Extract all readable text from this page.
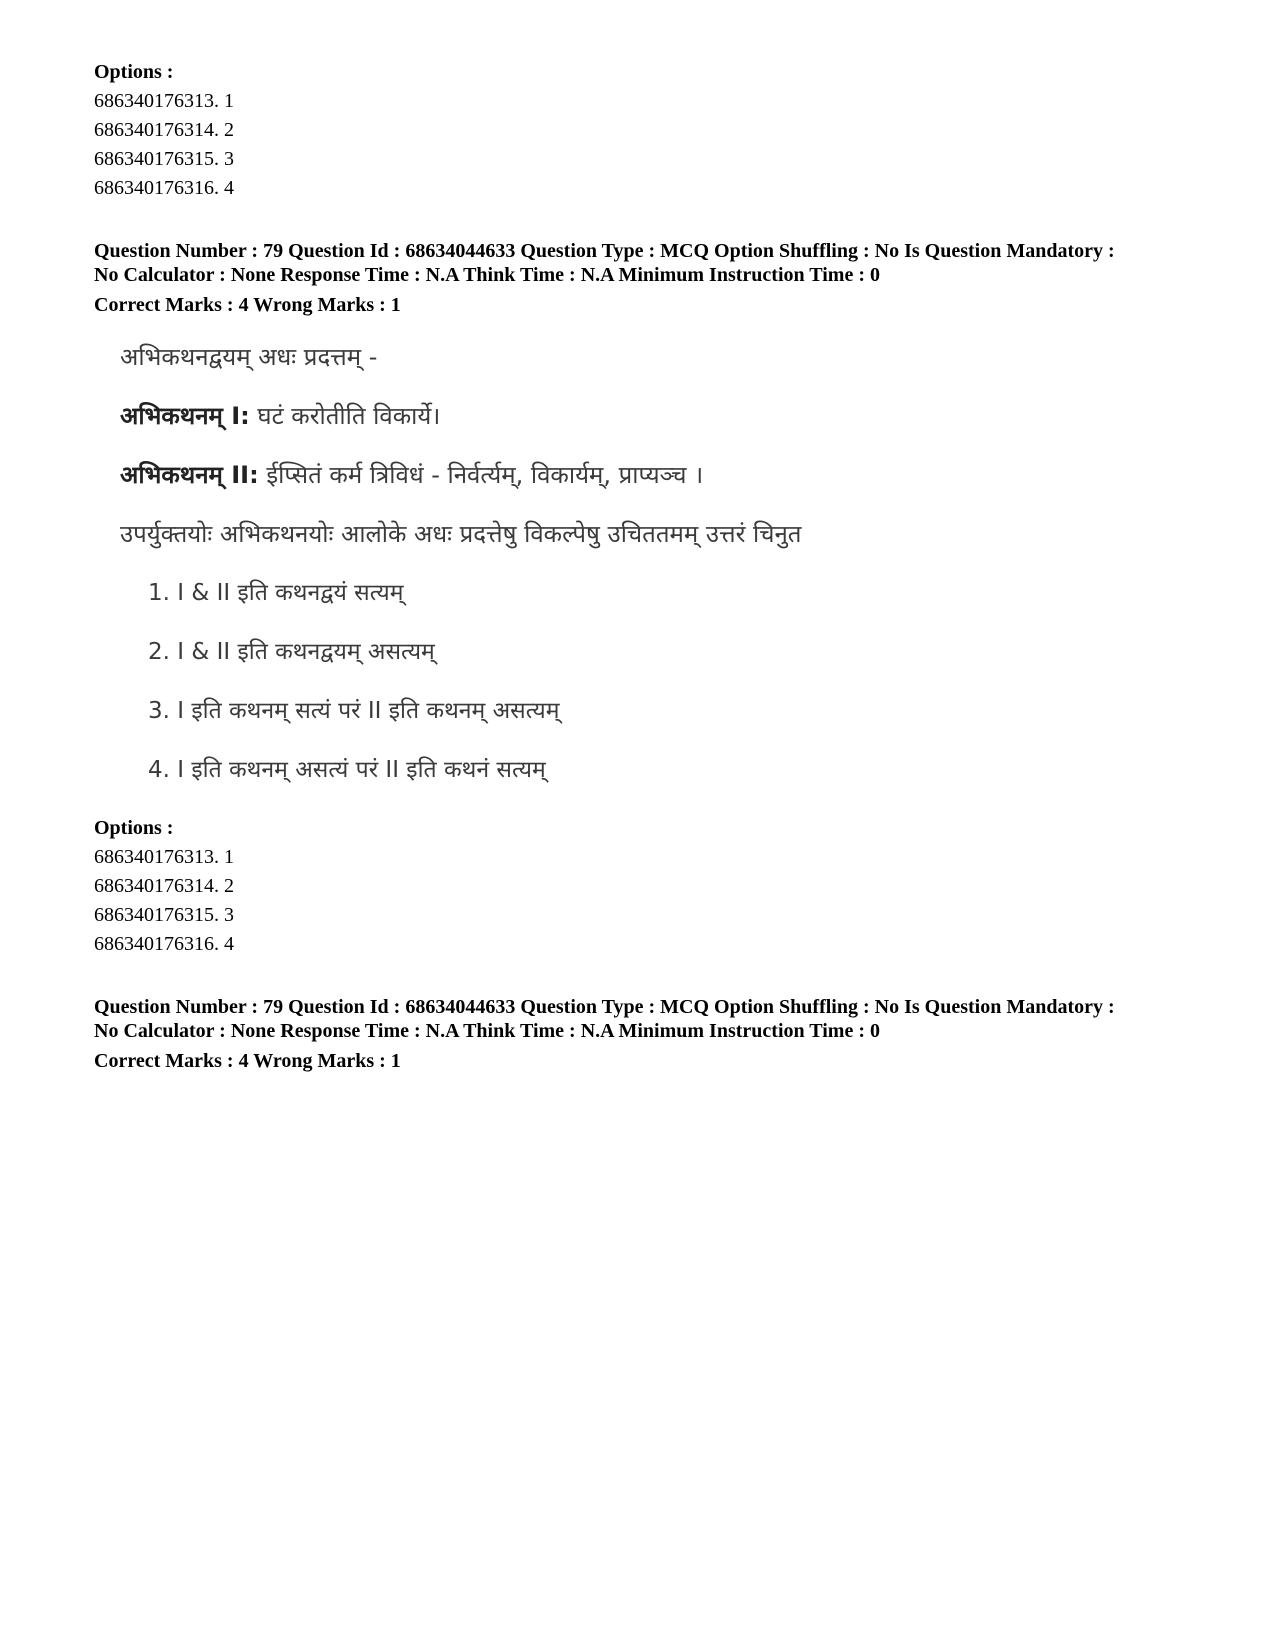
Options :
686340176313. 1
686340176314. 2
686340176315. 3
686340176316. 4
Question Number : 79 Question Id : 68634044633 Question Type : MCQ Option Shuffling : No Is Question Mandatory :
No Calculator : None Response Time : N.A Think Time : N.A Minimum Instruction Time : 0
Correct Marks : 4 Wrong Marks : 1
अभिकथनद्वयम् अधः प्रदत्तम् -
अभिकथनम् I: घटं करोतीति विकार्ये।
अभिकथनम् II: ईप्सितं कर्म त्रिविधं - निर्वर्त्यम्, विकार्यम्, प्राप्यञ्च ।
उपर्युक्तयोः अभिकथनयोः आलोके अधः प्रदत्तेषु विकल्पेषु उचिततमम् उत्तरं चिनुत
1. I & II इति कथनद्वयं सत्यम्
2. I & II इति कथनद्वयम् असत्यम्
3. I इति कथनम् सत्यं परं II इति कथनम् असत्यम्
4. I इति कथनम् असत्यं परं II इति कथनं सत्यम्
Options :
686340176313. 1
686340176314. 2
686340176315. 3
686340176316. 4
Question Number : 79 Question Id : 68634044633 Question Type : MCQ Option Shuffling : No Is Question Mandatory :
No Calculator : None Response Time : N.A Think Time : N.A Minimum Instruction Time : 0
Correct Marks : 4 Wrong Marks : 1
